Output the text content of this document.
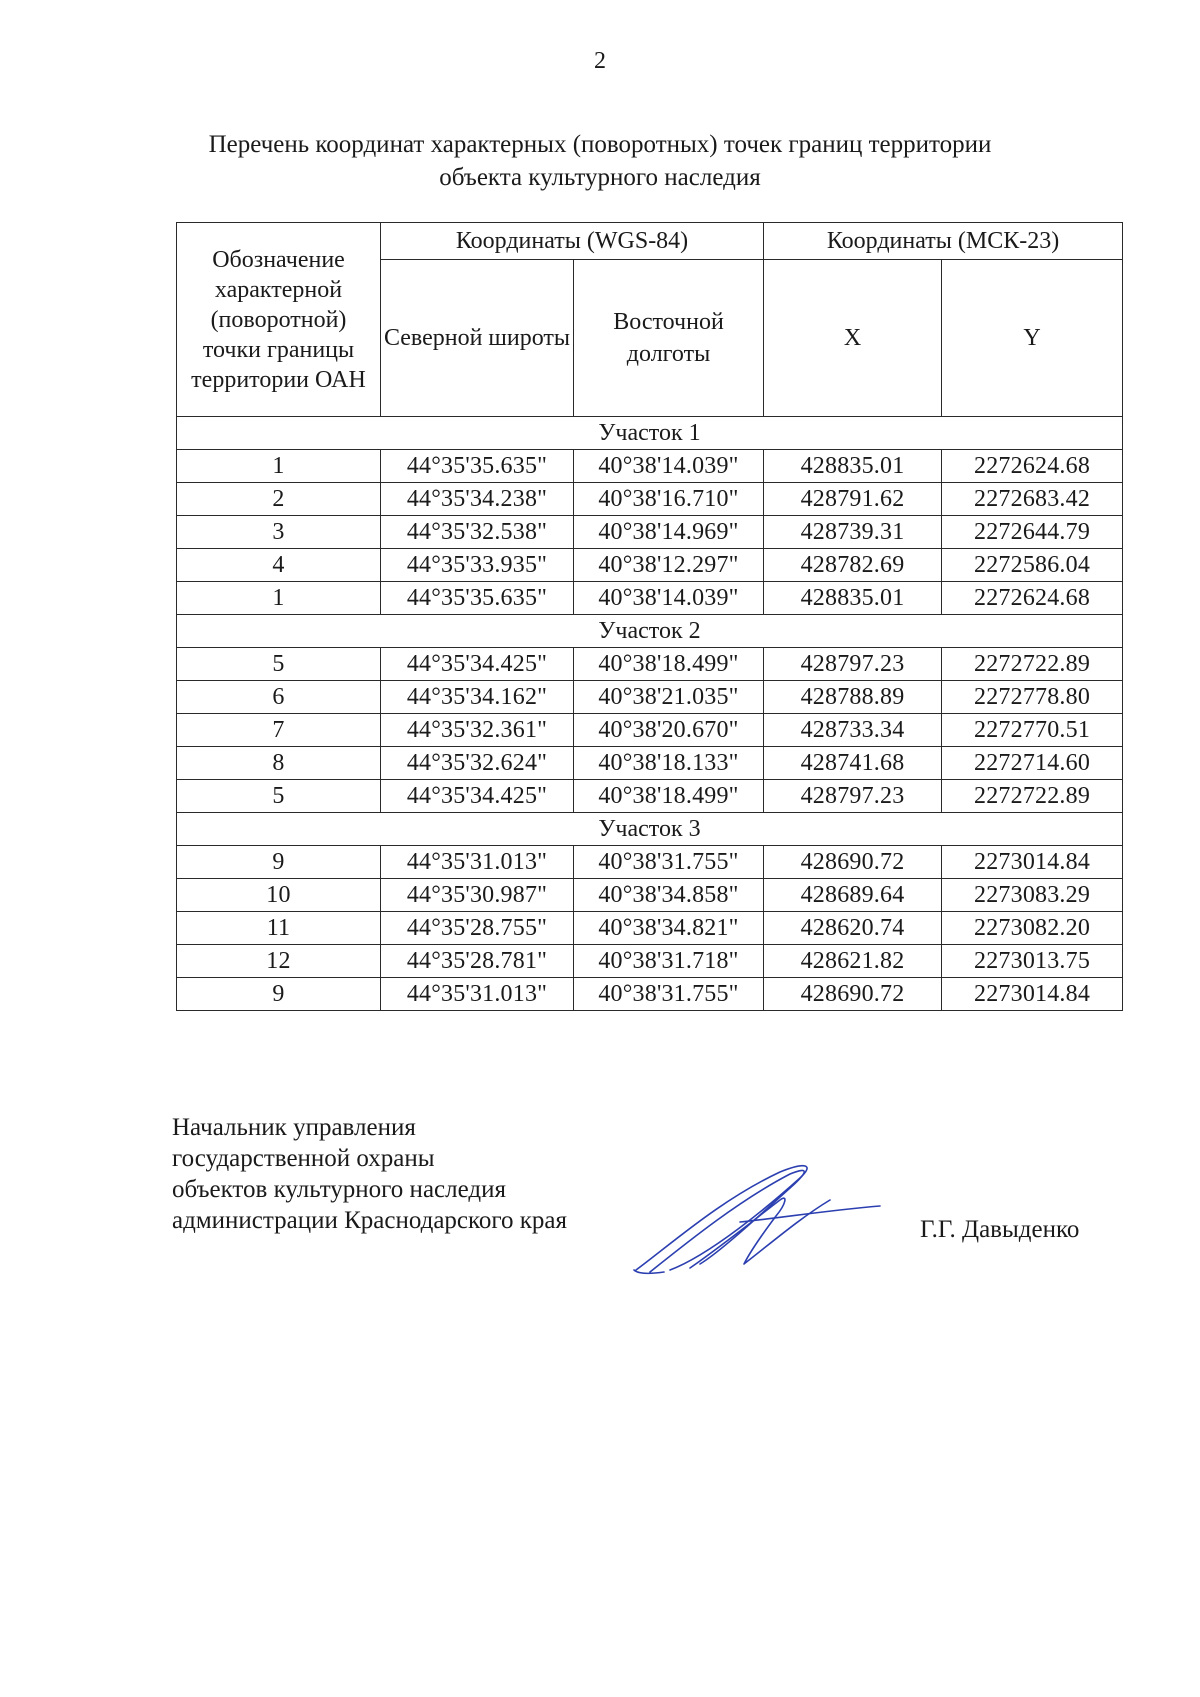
2
Перечень координат характерных (поворотных) точек границ территории
объекта культурного наследия
Обозначение характерной (поворотной) точки границы территории ОАН	Координаты (WGS-84)		Координаты (МСК-23)	
	Северной широты	Восточной долготы	X	Y
Участок 1				
1	44°35'35.635"	40°38'14.039"	428835.01	2272624.68
2	44°35'34.238"	40°38'16.710"	428791.62	2272683.42
3	44°35'32.538"	40°38'14.969"	428739.31	2272644.79
4	44°35'33.935"	40°38'12.297"	428782.69	2272586.04
1	44°35'35.635"	40°38'14.039"	428835.01	2272624.68
Участок 2				
5	44°35'34.425"	40°38'18.499"	428797.23	2272722.89
6	44°35'34.162"	40°38'21.035"	428788.89	2272778.80
7	44°35'32.361"	40°38'20.670"	428733.34	2272770.51
8	44°35'32.624"	40°38'18.133"	428741.68	2272714.60
5	44°35'34.425"	40°38'18.499"	428797.23	2272722.89
Участок 3				
9	44°35'31.013"	40°38'31.755"	428690.72	2273014.84
10	44°35'30.987"	40°38'34.858"	428689.64	2273083.29
11	44°35'28.755"	40°38'34.821"	428620.74	2273082.20
12	44°35'28.781"	40°38'31.718"	428621.82	2273013.75
9	44°35'31.013"	40°38'31.755"	428690.72	2273014.84
Начальник управления
государственной охраны
объектов культурного наследия
администрации Краснодарского края	Г.Г. Давыденко
